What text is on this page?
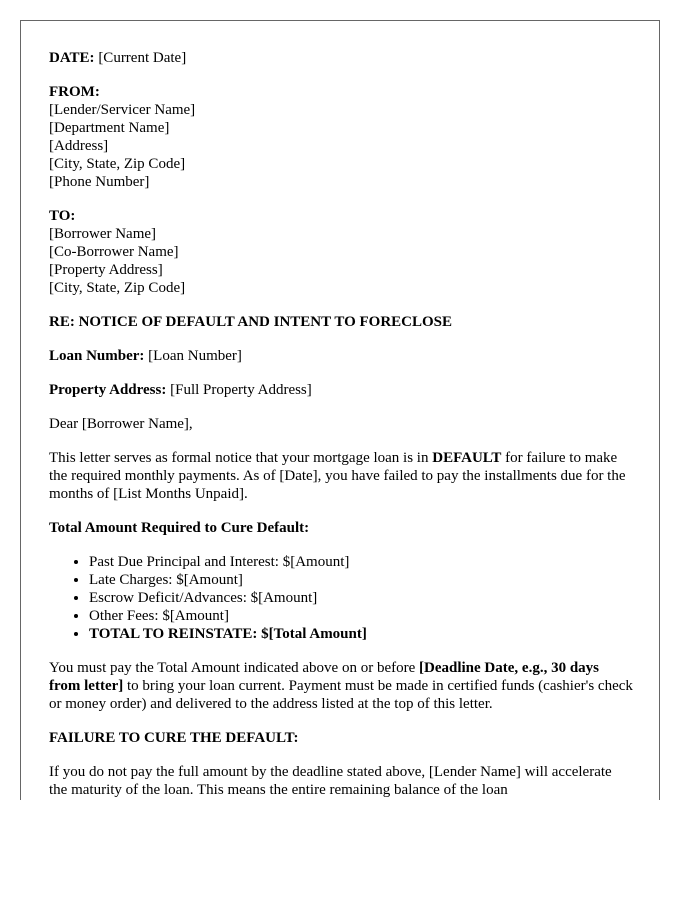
DATE: [Current Date]

FROM:
[Lender/Servicer Name]
[Department Name]
[Address]
[City, State, Zip Code]
[Phone Number]
TO:
[Borrower Name]
[Co-Borrower Name]
[Property Address]
[City, State, Zip Code]

RE: NOTICE OF DEFAULT AND INTENT TO FORECLOSE

Loan Number: [Loan Number]

Property Address: [Full Property Address]

Dear [Borrower Name],

This letter serves as formal notice that your mortgage loan is in DEFAULT for failure to make the required monthly payments. As of [Date], you have failed to pay the installments due for the months of [List Months Unpaid].

Total Amount Required to Cure Default:

• Past Due Principal and Interest: $[Amount]
• Late Charges: $[Amount]
• Escrow Deficit/Advances: $[Amount]
• Other Fees: $[Amount]
• TOTAL TO REINSTATE: $[Total Amount]

You must pay the Total Amount indicated above on or before [Deadline Date, e.g., 30 days from letter] to bring your loan current. Payment must be made in certified funds (cashier's check or money order) and delivered to the address listed at the top of this letter.

FAILURE TO CURE THE DEFAULT:

If you do not pay the full amount by the deadline stated above, [Lender Name] will accelerate the maturity of the loan. This means the entire remaining balance of the loan
